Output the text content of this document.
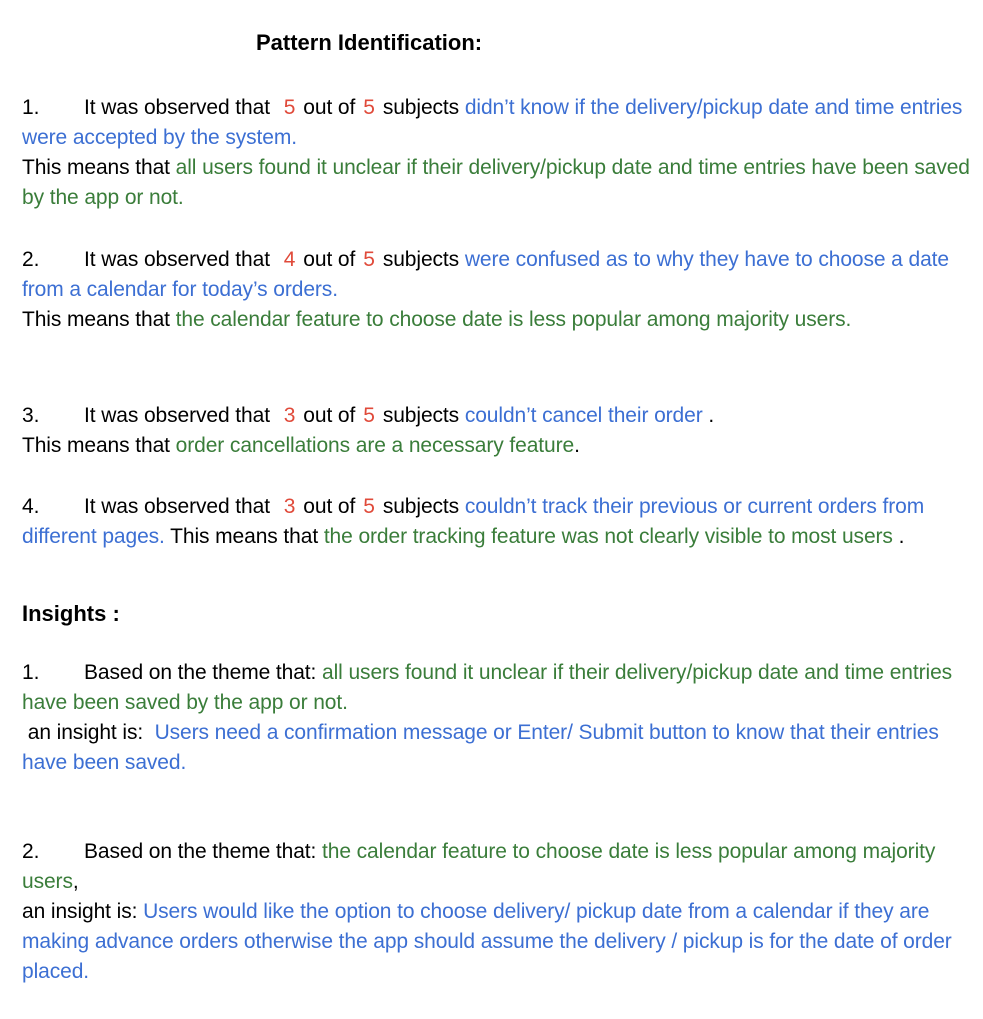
Pattern Identification:
1. It was observed that 5 out of 5 subjects didn’t know if the delivery/pickup date and time entries were accepted by the system.
This means that all users found it unclear if their delivery/pickup date and time entries have been saved by the app or not.
2. It was observed that 4 out of 5 subjects were confused as to why they have to choose a date from a calendar for today’s orders.
This means that the calendar feature to choose date is less popular among majority users.
3. It was observed that 3 out of 5 subjects couldn’t cancel their order .
This means that order cancellations are a necessary feature.
4. It was observed that 3 out of 5 subjects couldn’t track their previous or current orders from different pages. This means that the order tracking feature was not clearly visible to most users .
Insights :
1. Based on the theme that: all users found it unclear if their delivery/pickup date and time entries have been saved by the app or not.
an insight is: Users need a confirmation message or Enter/ Submit button to know that their entries have been saved.
2. Based on the theme that: the calendar feature to choose date is less popular among majority users,
an insight is: Users would like the option to choose delivery/ pickup date from a calendar if they are making advance orders otherwise the app should assume the delivery / pickup is for the date of order placed.
